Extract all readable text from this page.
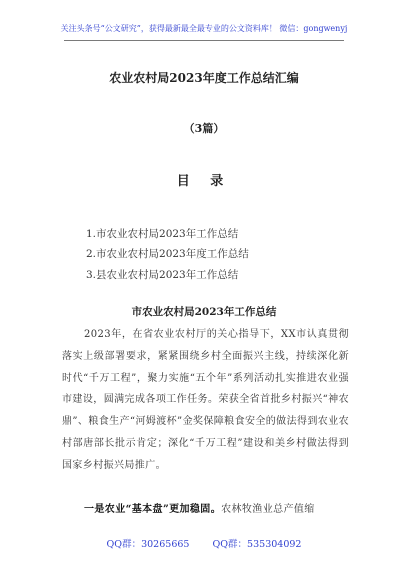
关注头条号“公文研究”，获得最新最全最专业的公文资料库！ 微信：gongwenyj
农业农村局2023年度工作总结汇编
（3篇）
目 录
1.市农业农村局2023年工作总结
2.市农业农村局2023年度工作总结
3.县农业农村局2023年工作总结
市农业农村局2023年工作总结

2023年，在省农业农村厅的关心指导下，XX市认真贯彻落实上级部署要求，紧紧围绕乡村全面振兴主线，持续深化新时代“千万工程”，聚力实施“五个年”系列活动扎实推进农业强市建设，圆满完成各项工作任务。荣获全省首批乡村振兴“神农鼎”、粮食生产“河姆渡杯”金奖保障粮食安全的做法得到农业农村部唐部长批示肯定；深化“千万工程”建设和美乡村做法得到国家乡村振兴局推广。

一是农业“基本盘”更加稳固。农林牧渔业总产值缩

QQ群：30265665 QQ群：535304092
